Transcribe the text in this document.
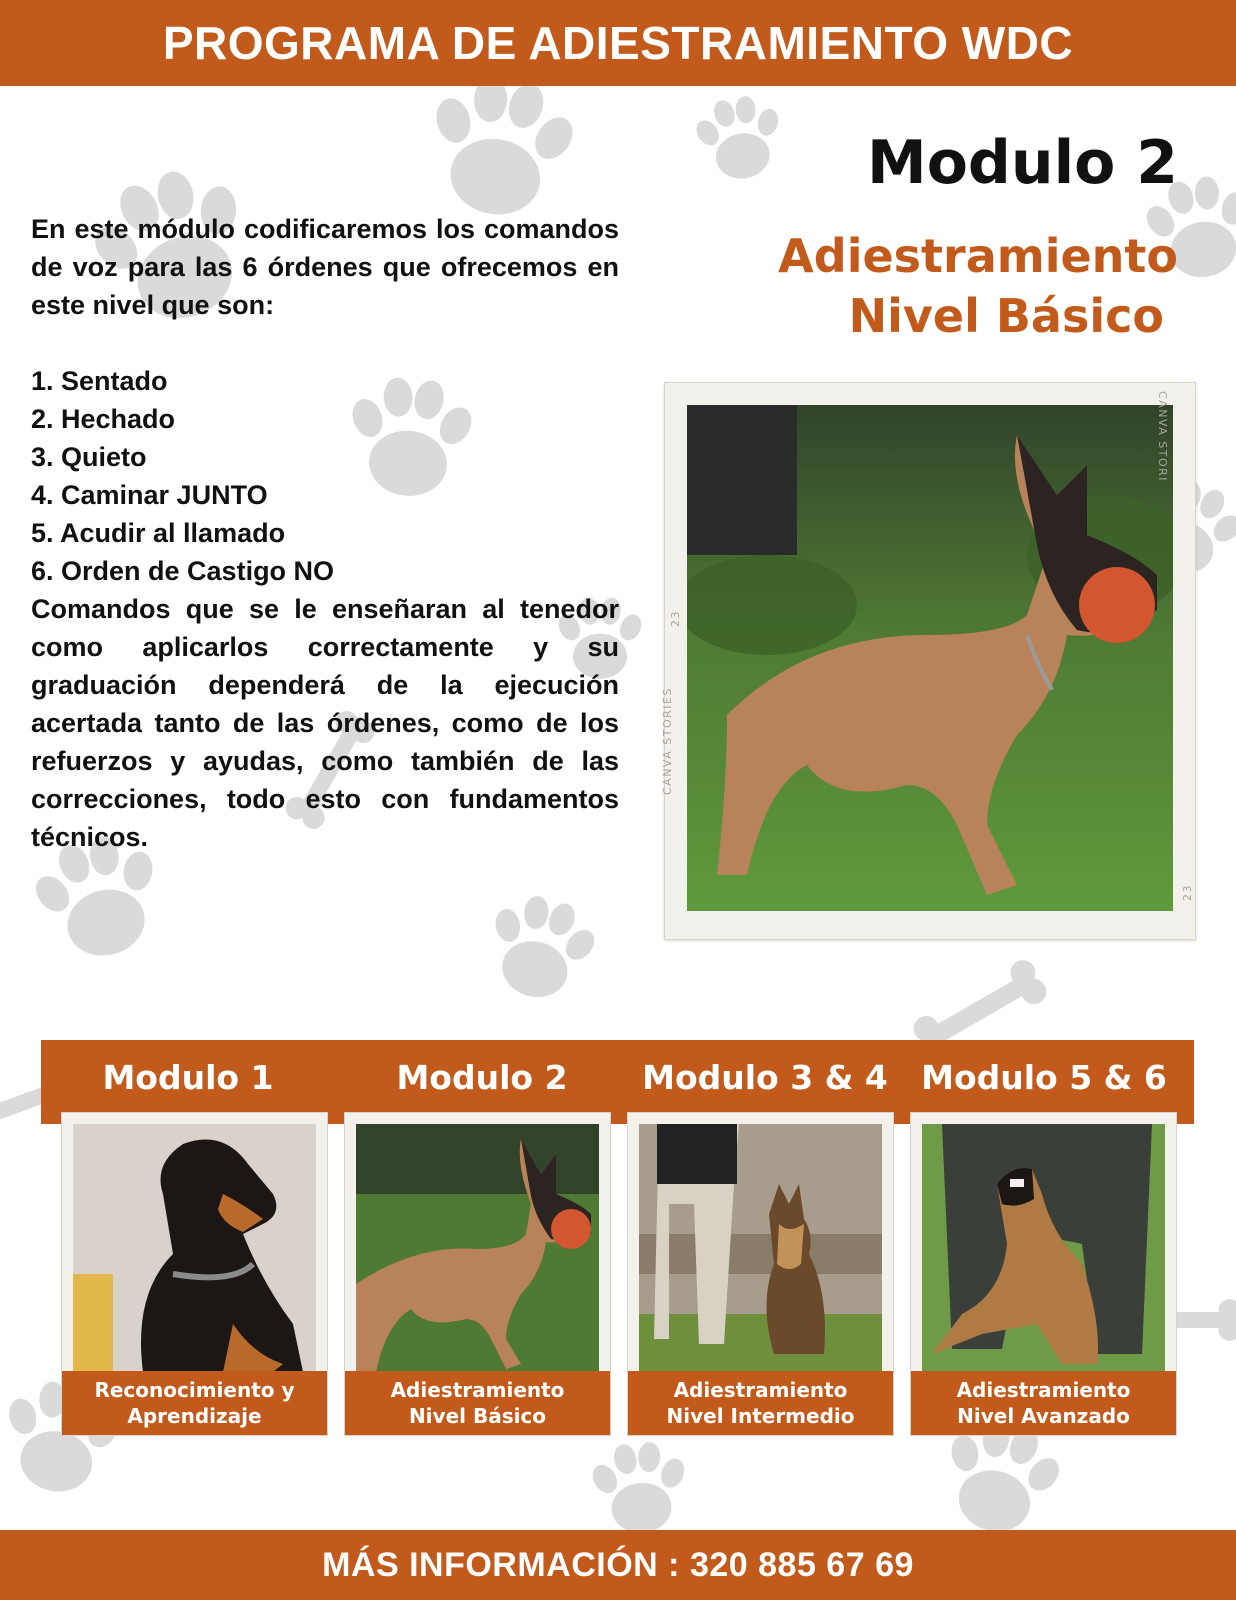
PROGRAMA DE ADIESTRAMIENTO WDC
Modulo 2
Adiestramiento
Nivel Básico

En este módulo codificaremos los comandos de voz para las 6 órdenes que ofrecemos en este nivel que son:

1. Sentado
2. Hechado
3. Quieto
4. Caminar JUNTO
5. Acudir al llamado
6. Orden de Castigo NO

Comandos que se le enseñaran al tenedor como aplicarlos correctamente y su graduación dependerá de la ejecución acertada tanto de las órdenes, como de los refuerzos y ayudas, como también de las correcciones, todo esto con fundamentos técnicos.

CANVA STORIES
CANVA STORI
23
23
Modulo 1	Modulo 2	Modulo 3 & 4	Modulo 5 & 6
Reconocimiento y
Aprendizaje
Adiestramiento
Nivel Básico
Adiestramiento
Nivel Intermedio
Adiestramiento
Nivel Avanzado
MÁS INFORMACIÓN : 320 885 67 69
